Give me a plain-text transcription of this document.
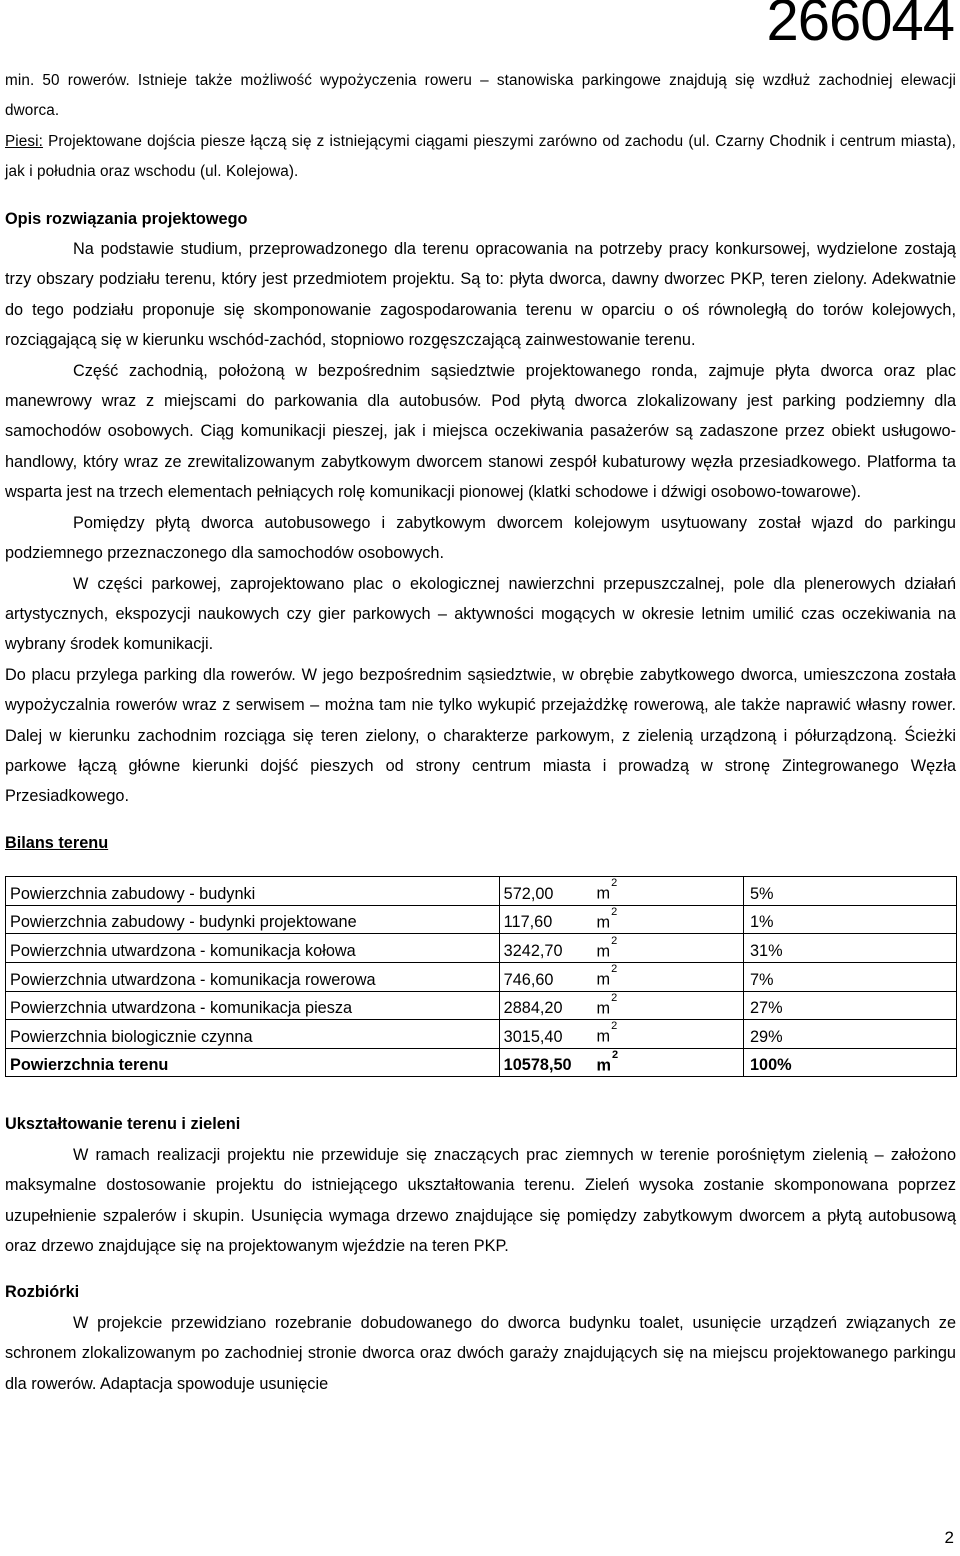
266044

min. 50 rowerów. Istnieje także możliwość wypożyczenia roweru – stanowiska parkingowe znajdują się wzdłuż zachodniej elewacji dworca.

Piesi: Projektowane dojścia piesze łączą się z istniejącymi ciągami pieszymi zarówno od zachodu (ul. Czarny Chodnik i centrum miasta), jak i południa oraz wschodu (ul. Kolejowa).

Opis rozwiązania projektowego

Na podstawie studium, przeprowadzonego dla terenu opracowania na potrzeby pracy konkursowej, wydzielone zostają trzy obszary podziału terenu, który jest przedmiotem projektu. Są to: płyta dworca, dawny dworzec PKP, teren zielony. Adekwatnie do tego podziału proponuje się skomponowanie zagospodarowania terenu w oparciu o oś równoległą do torów kolejowych, rozciągającą się w kierunku wschód-zachód, stopniowo rozgęszczającą zainwestowanie terenu.

Część zachodnią, położoną w bezpośrednim sąsiedztwie projektowanego ronda, zajmuje płyta dworca oraz plac manewrowy wraz z miejscami do parkowania dla autobusów. Pod płytą dworca zlokalizowany jest parking podziemny dla samochodów osobowych. Ciąg komunikacji pieszej, jak i miejsca oczekiwania pasażerów są zadaszone przez obiekt usługowo-handlowy, który wraz ze zrewitalizowanym zabytkowym dworcem stanowi zespół kubaturowy węzła przesiadkowego. Platforma ta wsparta jest na trzech elementach pełniących rolę komunikacji pionowej (klatki schodowe i dźwigi osobowo-towarowe).

Pomiędzy płytą dworca autobusowego i zabytkowym dworcem kolejowym usytuowany został wjazd do parkingu podziemnego przeznaczonego dla samochodów osobowych.

W części parkowej, zaprojektowano plac o ekologicznej nawierzchni przepuszczalnej, pole dla plenerowych działań artystycznych, ekspozycji naukowych czy gier parkowych – aktywności mogących w okresie letnim umilić czas oczekiwania na wybrany środek komunikacji.

Do placu przylega parking dla rowerów. W jego bezpośrednim sąsiedztwie, w obrębie zabytkowego dworca, umieszczona została wypożyczalnia rowerów wraz z serwisem – można tam nie tylko wykupić przejażdżkę rowerową, ale także naprawić własny rower. Dalej w kierunku zachodnim rozciąga się teren zielony, o charakterze parkowym, z zielenią urządzoną i półurządzoną. Ścieżki parkowe łączą główne kierunki dojść pieszych od strony centrum miasta i prowadzą w stronę Zintegrowanego Węzła Przesiadkowego.

Bilans terenu

Powierzchnia zabudowy - budynki	572,00	$m^2$	5%
Powierzchnia zabudowy - budynki projektowane	117,60	$m^2$	1%
Powierzchnia utwardzona - komunikacja kołowa	3242,70	$m^2$	31%
Powierzchnia utwardzona - komunikacja rowerowa	746,60	$m^2$	7%
Powierzchnia utwardzona - komunikacja piesza	2884,20	$m^2$	27%
Powierzchnia biologicznie czynna	3015,40	$m^2$	29%
Powierzchnia terenu	10578,50	$m^2$	100%

Ukształtowanie terenu i zieleni

W ramach realizacji projektu nie przewiduje się znaczących prac ziemnych w terenie porośniętym zielenią – założono maksymalne dostosowanie projektu do istniejącego ukształtowania terenu. Zieleń wysoka zostanie skomponowana poprzez uzupełnienie szpalerów i skupin. Usunięcia wymaga drzewo znajdujące się pomiędzy zabytkowym dworcem a płytą autobusową oraz drzewo znajdujące się na projektowanym wjeździe na teren PKP.

Rozbiórki

W projekcie przewidziano rozebranie dobudowanego do dworca budynku toalet, usunięcie urządzeń związanych ze schronem zlokalizowanym po zachodniej stronie dworca oraz dwóch garaży znajdujących się na miejscu projektowanego parkingu dla rowerów. Adaptacja spowoduje usunięcie

2
